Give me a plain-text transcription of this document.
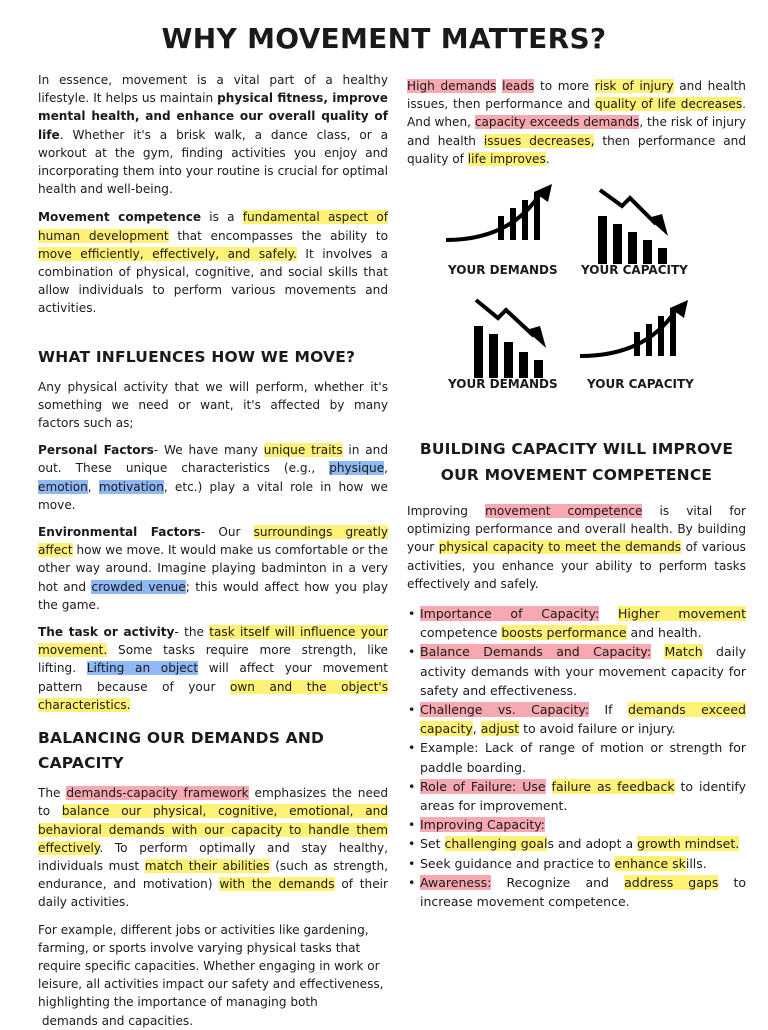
WHY MOVEMENT MATTERS?

In essence, movement is a vital part of a healthy lifestyle. It helps us maintain physical fitness, improve mental health, and enhance our overall quality of life. Whether it's a brisk walk, a dance class, or a workout at the gym, finding activities you enjoy and incorporating them into your routine is crucial for optimal health and well-being.

Movement competence is a fundamental aspect of human development that encompasses the ability to move efficiently, effectively, and safely. It involves a combination of physical, cognitive, and social skills that allow individuals to perform various movements and activities.

WHAT INFLUENCES HOW WE MOVE?

Any physical activity that we will perform, whether it's something we need or want, it's affected by many factors such as;

Personal Factors- We have many unique traits in and out. These unique characteristics (e.g., physique, emotion, motivation, etc.) play a vital role in how we move.

Environmental Factors- Our surroundings greatly affect how we move. It would make us comfortable or the other way around. Imagine playing badminton in a very hot and crowded venue; this would affect how you play the game.

The task or activity- the task itself will influence your movement. Some tasks require more strength, like lifting. Lifting an object will affect your movement pattern because of your own and the object's characteristics.

BALANCING OUR DEMANDS AND CAPACITY

The demands-capacity framework emphasizes the need to balance our physical, cognitive, emotional, and behavioral demands with our capacity to handle them effectively. To perform optimally and stay healthy, individuals must match their abilities (such as strength, endurance, and motivation) with the demands of their daily activities.

For example, different jobs or activities like gardening,
farming, or sports involve varying physical tasks that
require specific capacities. Whether engaging in work or
leisure, all activities impact our safety and effectiveness,
highlighting the importance of managing both
demands and capacities.

High demands leads to more risk of injury and health issues, then performance and quality of life decreases. And when, capacity exceeds demands, the risk of injury and health issues decreases, then performance and quality of life improves.

YOUR DEMANDS YOUR CAPACITY
YOUR DEMANDS YOUR CAPACITY
BUILDING CAPACITY WILL IMPROVE OUR MOVEMENT COMPETENCE

Improving movement competence is vital for optimizing performance and overall health. By building your physical capacity to meet the demands of various activities, you enhance your ability to perform tasks effectively and safely.

• Importance of Capacity: Higher movement competence boosts performance and health.
• Balance Demands and Capacity: Match daily activity demands with your movement capacity for safety and effectiveness.
• Challenge vs. Capacity: If demands exceed capacity, adjust to avoid failure or injury.
• Example: Lack of range of motion or strength for paddle boarding.
• Role of Failure: Use failure as feedback to identify areas for improvement.
• Improving Capacity:
• Set challenging goals and adopt a growth mindset.
• Seek guidance and practice to enhance skills.
• Awareness: Recognize and address gaps to increase movement competence.
